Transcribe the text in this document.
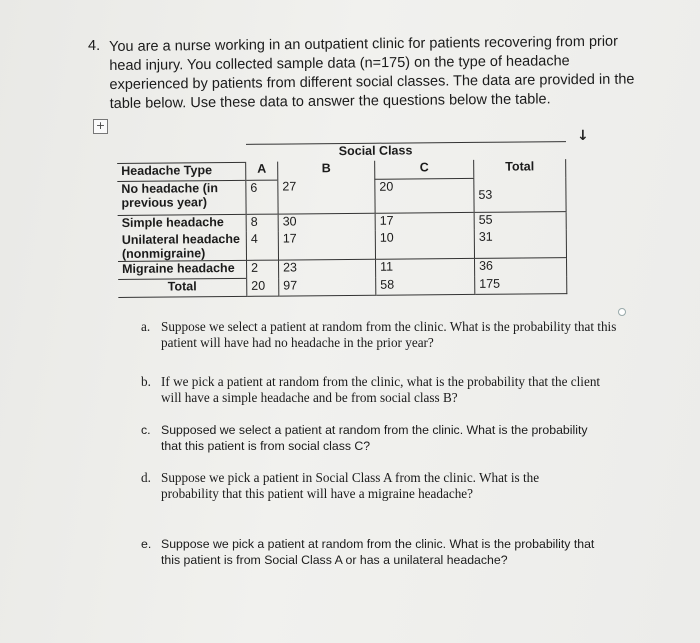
4. You are a nurse working in an outpatient clinic for patients recovering from prior head injury. You collected sample data (n=175) on the type of headache experienced by patients from different social classes. The data are provided in the table below. Use these data to answer the questions below the table.
+
↓
		Social Class		
Headache Type	A	B	C	Total
No headache (in previous year)	6	27	20	53
Simple headache	8	30	17	55
Unilateral headache (nonmigraine)	4	17	10	31
Migraine headache	2	23	11	36
Total	20	97	58	175
a. Suppose we select a patient at random from the clinic. What is the probability that this patient will have had no headache in the prior year?
b. If we pick a patient at random from the clinic, what is the probability that the client will have a simple headache and be from social class B?
c. Supposed we select a patient at random from the clinic. What is the probability that this patient is from social class C?
d. Suppose we pick a patient in Social Class A from the clinic. What is the probability that this patient will have a migraine headache?
e. Suppose we pick a patient at random from the clinic. What is the probability that this patient is from Social Class A or has a unilateral headache?
